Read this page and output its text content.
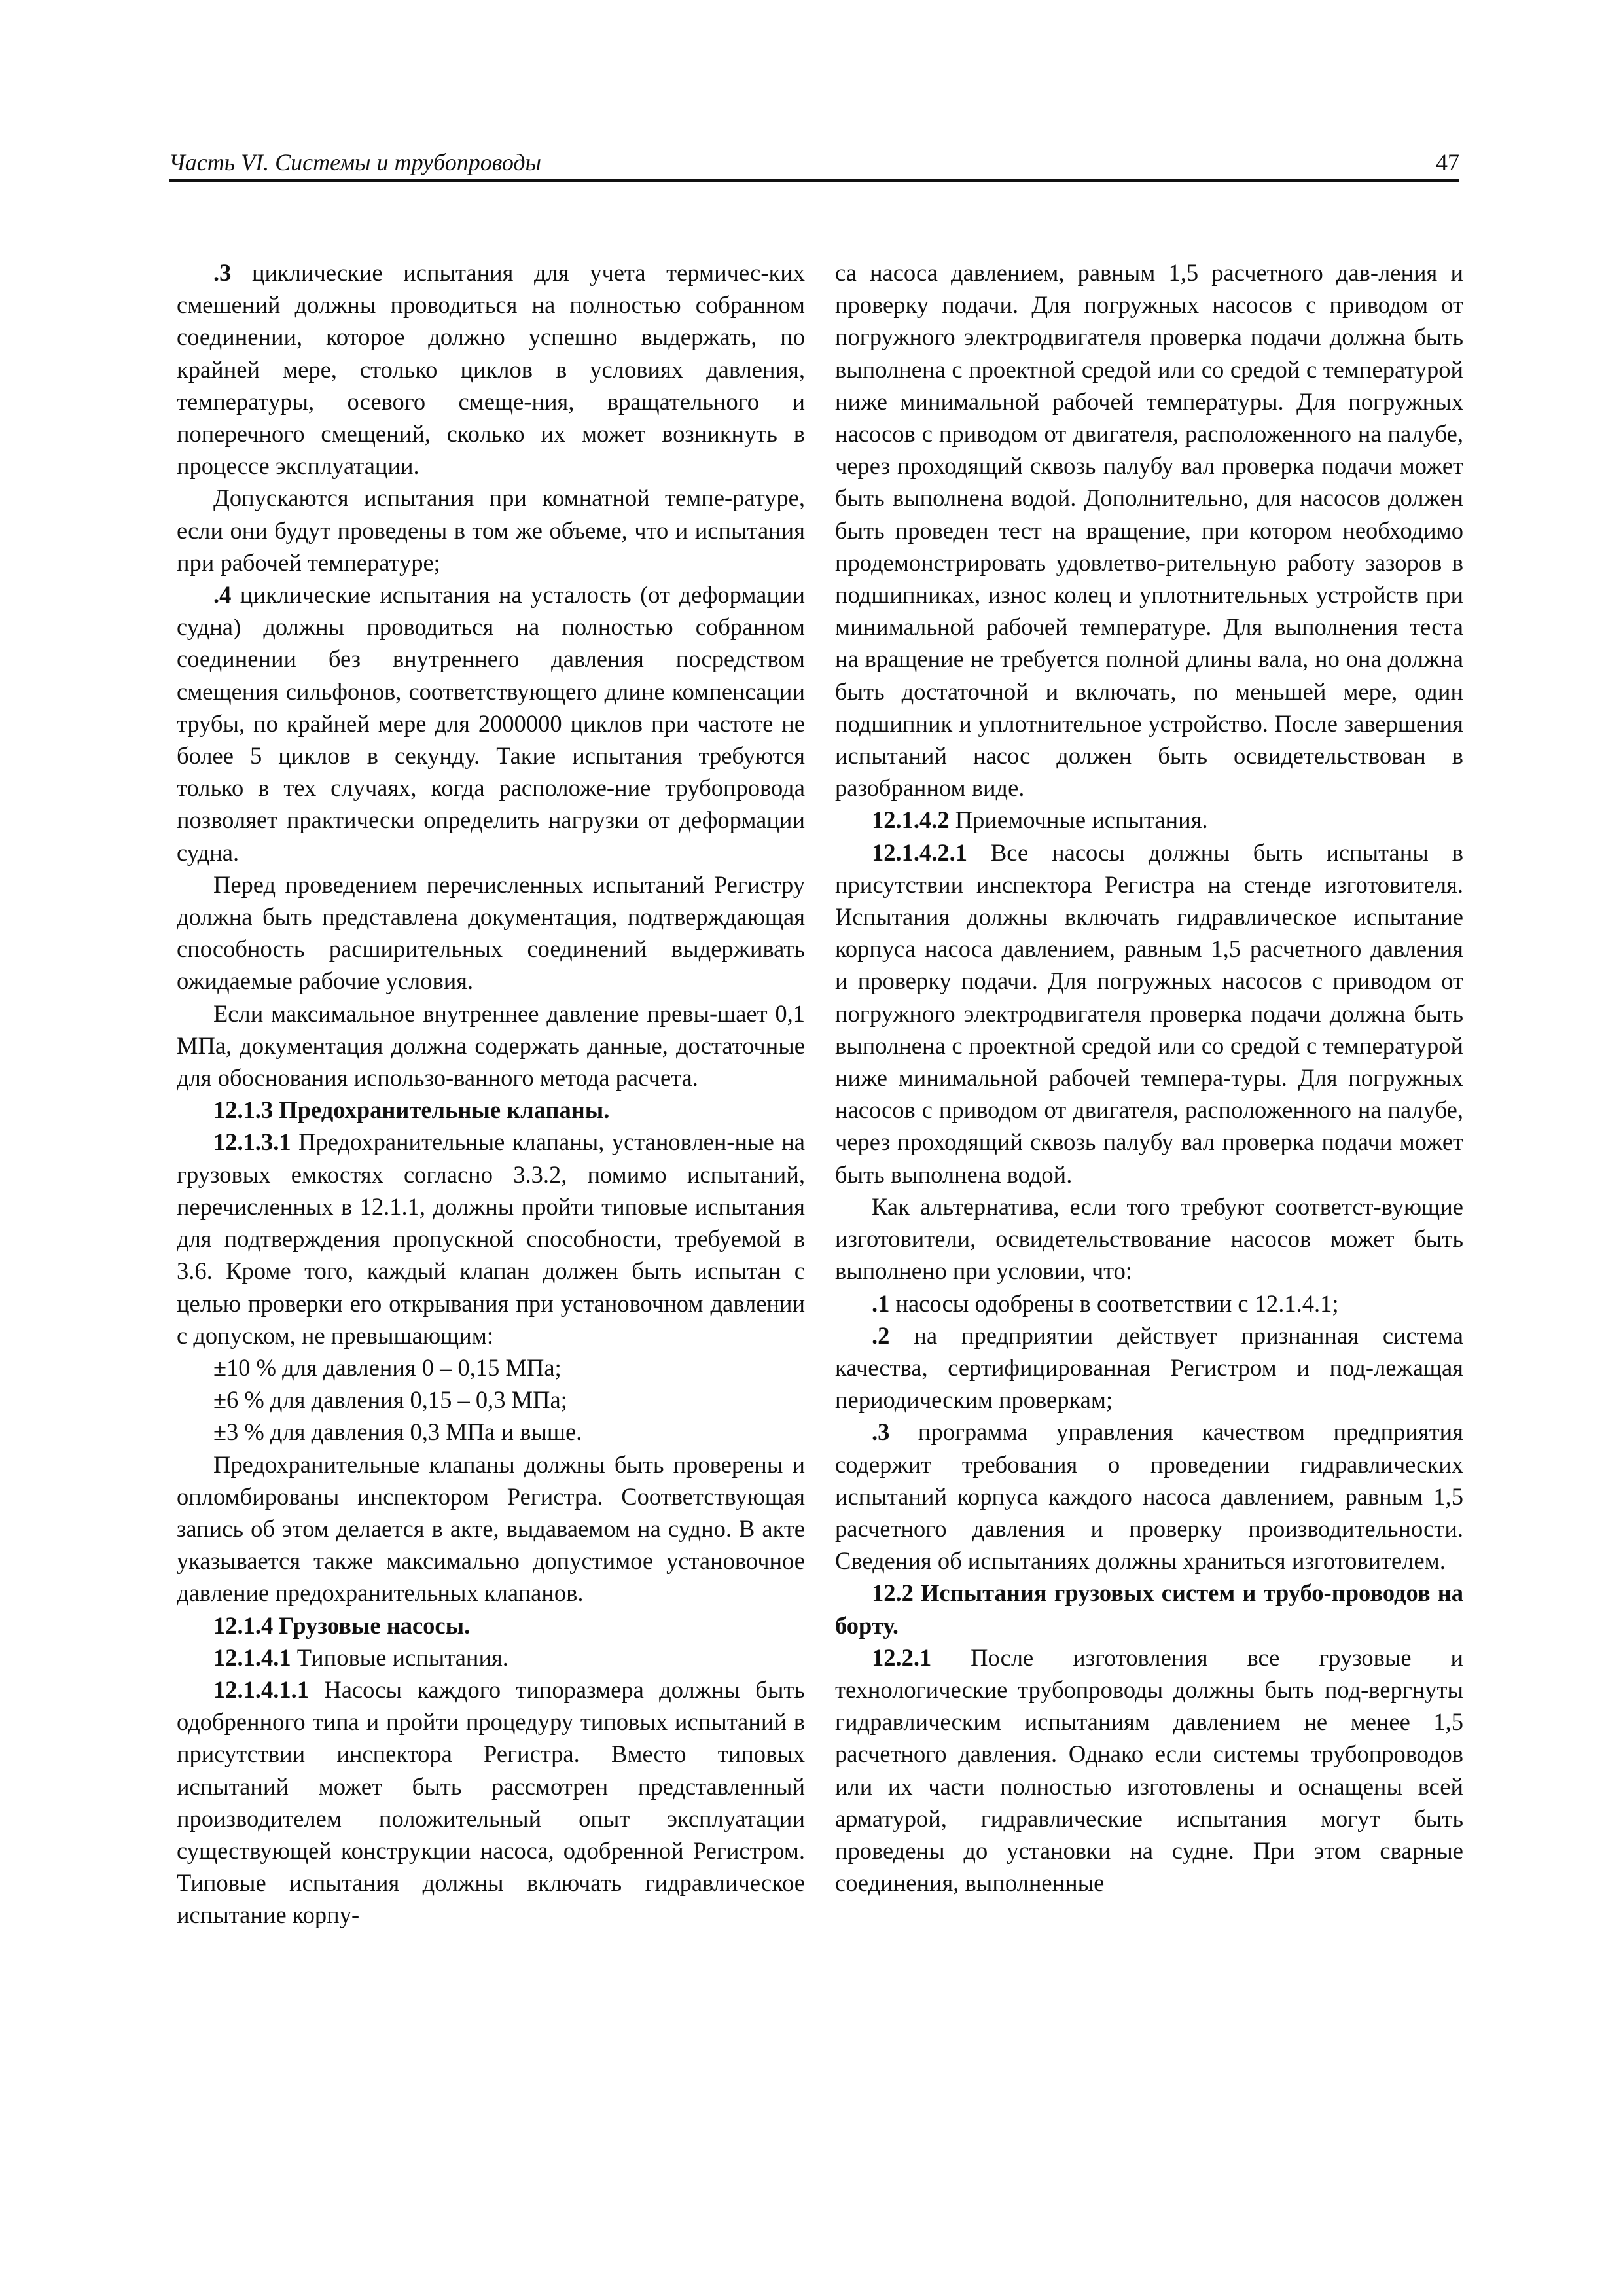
Часть VI. Системы и трубопроводы	47

.3 циклические испытания для учета термичес-ких смешений должны проводиться на полностью собранном соединении, которое должно успешно выдержать, по крайней мере, столько циклов в условиях давления, температуры, осевого смеще-ния, вращательного и поперечного смещений, сколько их может возникнуть в процессе эксплуатации.

Допускаются испытания при комнатной темпе-ратуре, если они будут проведены в том же объеме, что и испытания при рабочей температуре;

.4 циклические испытания на усталость (от деформации судна) должны проводиться на полностью собранном соединении без внутреннего давления посредством смещения сильфонов, соответствующего длине компенсации трубы, по крайней мере для 2000000 циклов при частоте не более 5 циклов в секунду. Такие испытания требуются только в тех случаях, когда расположе-ние трубопровода позволяет практически определить нагрузки от деформации судна.

Перед проведением перечисленных испытаний Регистру должна быть представлена документация, подтверждающая способность расширительных соединений выдерживать ожидаемые рабочие условия.

Если максимальное внутреннее давление превы-шает 0,1 МПа, документация должна содержать данные, достаточные для обоснования использо-ванного метода расчета.

12.1.3 Предохранительные клапаны.

12.1.3.1 Предохранительные клапаны, установлен-ные на грузовых емкостях согласно 3.3.2, помимо испытаний, перечисленных в 12.1.1, должны пройти типовые испытания для подтверждения пропускной способности, требуемой в 3.6. Кроме того, каждый клапан должен быть испытан с целью проверки его открывания при установочном давлении с допуском, не превышающим:

±10 % для давления 0 – 0,15 МПа;

±6 % для давления 0,15 – 0,3 МПа;

±3 % для давления 0,3 МПа и выше.

Предохранительные клапаны должны быть проверены и опломбированы инспектором Регистра. Соответствующая запись об этом делается в акте, выдаваемом на судно. В акте указывается также максимально допустимое установочное давление предохранительных клапанов.

12.1.4 Грузовые насосы.

12.1.4.1 Типовые испытания.

12.1.4.1.1 Насосы каждого типоразмера должны быть одобренного типа и пройти процедуру типовых испытаний в присутствии инспектора Регистра. Вместо типовых испытаний может быть рассмотрен представленный производителем положительный опыт эксплуатации существующей конструкции насоса, одобренной Регистром. Типовые испытания должны включать гидравлическое испытание корпу-

са насоса давлением, равным 1,5 расчетного дав-ления и проверку подачи. Для погружных насосов с приводом от погружного электродвигателя проверка подачи должна быть выполнена с проектной средой или со средой с температурой ниже минимальной рабочей температуры. Для погружных насосов с приводом от двигателя, расположенного на палубе, через проходящий сквозь палубу вал проверка подачи может быть выполнена водой. Дополнительно, для насосов должен быть проведен тест на вращение, при котором необходимо продемонстрировать удовлетво-рительную работу зазоров в подшипниках, износ колец и уплотнительных устройств при минимальной рабочей температуре. Для выполнения теста на вращение не требуется полной длины вала, но она должна быть достаточной и включать, по меньшей мере, один подшипник и уплотнительное устройство. После завершения испытаний насос должен быть освидетельствован в разобранном виде.

12.1.4.2 Приемочные испытания.

12.1.4.2.1 Все насосы должны быть испытаны в присутствии инспектора Регистра на стенде изготовителя. Испытания должны включать гидравлическое испытание корпуса насоса давлением, равным 1,5 расчетного давления и проверку подачи. Для погружных насосов с приводом от погружного электродвигателя проверка подачи должна быть выполнена с проектной средой или со средой с температурой ниже минимальной рабочей темпера-туры. Для погружных насосов с приводом от двигателя, расположенного на палубе, через проходящий сквозь палубу вал проверка подачи может быть выполнена водой.

Как альтернатива, если того требуют соответст-вующие изготовители, освидетельствование насосов может быть выполнено при условии, что:

.1 насосы одобрены в соответствии с 12.1.4.1;

.2 на предприятии действует признанная система качества, сертифицированная Регистром и под-лежащая периодическим проверкам;

.3 программа управления качеством предприятия содержит требования о проведении гидравлических испытаний корпуса каждого насоса давлением, равным 1,5 расчетного давления и проверку производительности. Сведения об испытаниях должны храниться изготовителем.

12.2 Испытания грузовых систем и трубо-проводов на борту.

12.2.1 После изготовления все грузовые и технологические трубопроводы должны быть под-вергнуты гидравлическим испытаниям давлением не менее 1,5 расчетного давления. Однако если системы трубопроводов или их части полностью изготовлены и оснащены всей арматурой, гидравлические испытания могут быть проведены до установки на судне. При этом сварные соединения, выполненные
